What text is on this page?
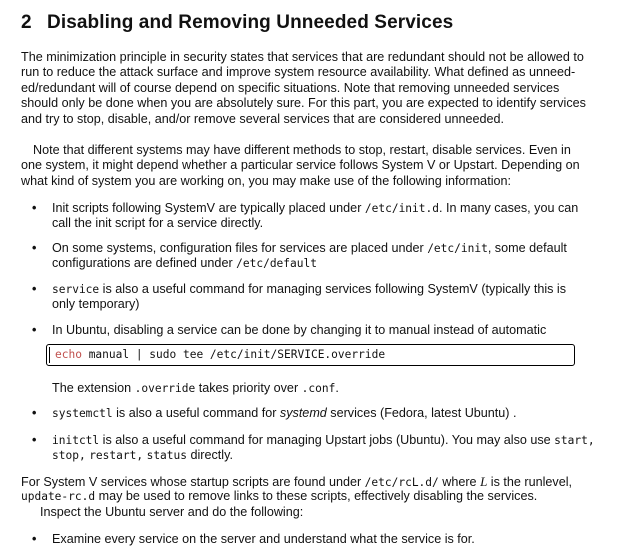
2 Disabling and Removing Unneeded Services
The minimization principle in security states that services that are redundant should not be allowed to
run to reduce the attack surface and improve system resource availability. What defined as unneed-
ed/redundant will of course depend on specific situations. Note that removing unneeded services
should only be done when you are absolutely sure. For this part, you are expected to identify services
and try to stop, disable, and/or remove several services that are considered unneeded.
Note that different systems may have different methods to stop, restart, disable services. Even in
one system, it might depend whether a particular service follows System V or Upstart. Depending on
what kind of system you are working on, you may make use of the following information:
• Init scripts following SystemV are typically placed under /etc/init.d. In many cases, you can
call the init script for a service directly.
• On some systems, configuration files for services are placed under /etc/init, some default
configurations are defined under /etc/default
• service is also a useful command for managing services following SystemV (typically this is
only temporary)
• In Ubuntu, disabling a service can be done by changing it to manual instead of automatic
echo manual | sudo tee /etc/init/SERVICE.override
The extension .override takes priority over .conf.
• systemctl is also a useful command for systemd services (Fedora, latest Ubuntu) .
• initctl is also a useful command for managing Upstart jobs (Ubuntu). You may also use start,
stop, restart, status directly.
For System V services whose startup scripts are found under /etc/rcL.d/ where L is the runlevel,
update-rc.d may be used to remove links to these scripts, effectively disabling the services.
Inspect the Ubuntu server and do the following:
• Examine every service on the server and understand what the service is for.
